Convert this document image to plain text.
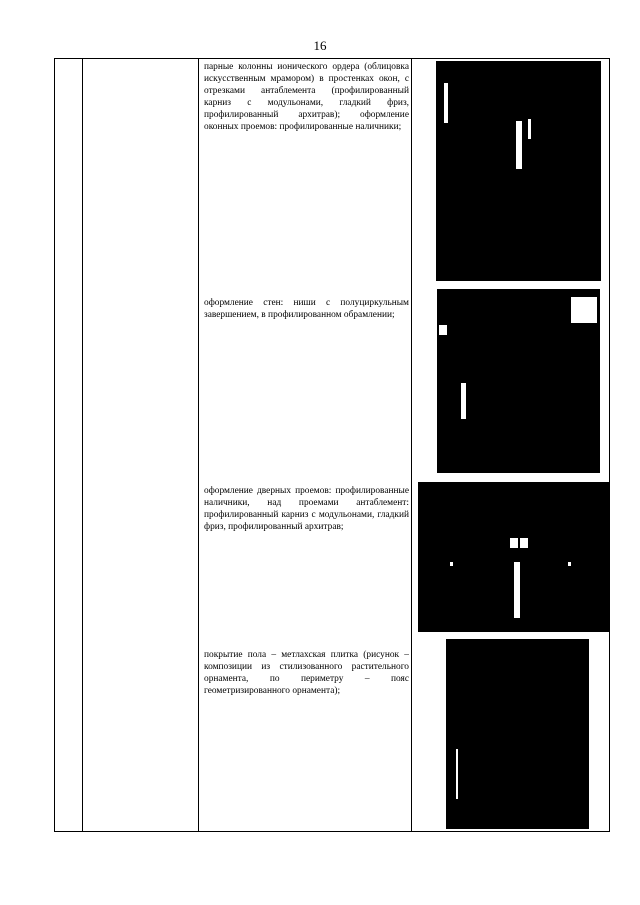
16
парные колонны ионического ордера (облицовка искусственным мрамором) в простенках окон, с отрезками антаблемента (профилированный карниз с модульонами, гладкий фриз, профилированный архитрав); оформление оконных проемов: профилированные наличники;
оформление стен: ниши с полуциркульным завершением, в профилированном обрамлении;
оформление дверных проемов: профилированные наличники, над проемами антаблемент: профилированный карниз с модульонами, гладкий фриз, профилированный архитрав;
покрытие пола – метлахская плитка (рисунок – композиции из стилизованного растительного орнамента, по периметру – пояс геометризированного орнамента);
